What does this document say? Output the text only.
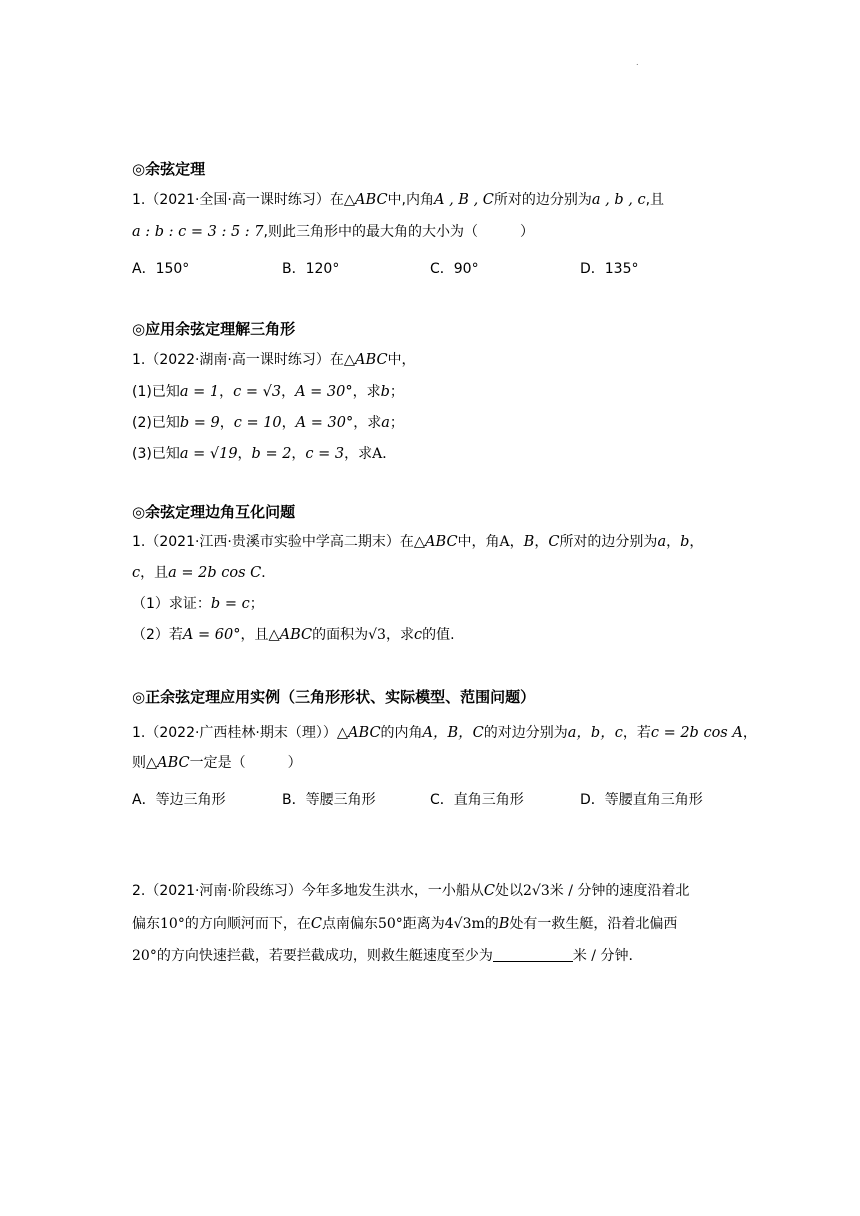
.
◎余弦定理
1.（2021·全国·高一课时练习）在△ABC中,内角A , B , C所对的边分别为a , b , c,且
a : b : c = 3 : 5 : 7,则此三角形中的最大角的大小为（　　　）
A．150°	B．120°	C．90°	D．135°
◎应用余弦定理解三角形
1.（2022·湖南·高一课时练习）在△ABC中，
(1)已知a = 1，c = √3，A = 30°，求b；
(2)已知b = 9，c = 10，A = 30°，求a；
(3)已知a = √19，b = 2，c = 3，求A．
◎余弦定理边角互化问题
1.（2021·江西·贵溪市实验中学高二期末）在△ABC中，角A，B，C所对的边分别为a，b，
c，且a = 2b cos C．
（1）求证：b = c；
（2）若A = 60°，且△ABC的面积为√3，求c的值.
◎正余弦定理应用实例（三角形形状、实际模型、范围问题）
1.（2022·广西桂林·期末（理））△ABC的内角A，B，C的对边分别为a，b，c，若c = 2b cos A，
则△ABC一定是（　　　）
A．等边三角形	B．等腰三角形	C．直角三角形	D．等腰直角三角形
2.（2021·河南·阶段练习）今年多地发生洪水，一小船从C处以2√3米 / 分钟的速度沿着北
偏东10°的方向顺河而下，在C点南偏东50°距离为4√3m的B处有一救生艇，沿着北偏西
20°的方向快速拦截，若要拦截成功，则救生艇速度至少为	米 / 分钟.
